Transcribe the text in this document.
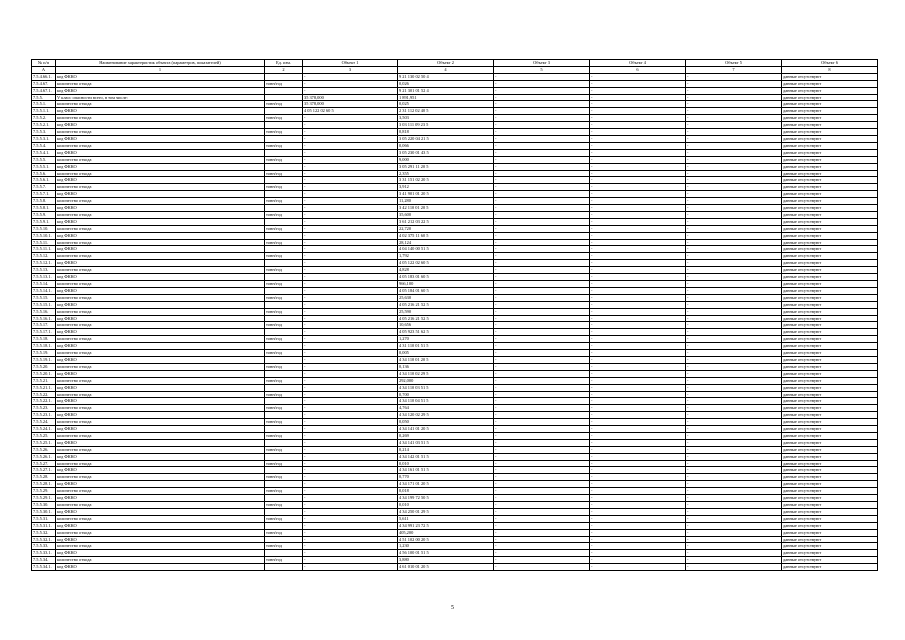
№ п/п	Наименование характеристик объекта (параметров, показателей)	Ед. изм.	Объект 1	Объект 2	Объект 3	Объект 4	Объект 5	Объект 6
A	1	2	3	4	5	6	7	8
7.5.4.66.1.	код ФККО		-	9 21 130 02 50 4	-	-	-	данные отсутствуют
7.5.4.67.	количество отхода	тонн/год	-	0,026	-	-	-	данные отсутствуют
7.5.4.67.1.	код ФККО		-	9 21 301 01 52 4	-	-	-	данные отсутствуют
7.5.5.	V класс опасности всего, в том числе:		35 378,000	1 891,951	-	-	-	данные отсутствуют
7.5.5.1.	количество отхода	тонн/год	35 378,000	0,025	-	-	-	данные отсутствуют
7.5.5.1.1.	код ФККО		4 05 122 02 60 5	2 31 112 02 40 5	-	-	-	данные отсутствуют
7.5.5.2.	количество отхода	тонн/год	-	3,503	-	-	-	данные отсутствуют
7.5.5.2.1.	код ФККО		-	3 03 111 09 23 5	-	-	-	данные отсутствуют
7.5.5.3.	количество отхода	тонн/год	-	0,818	-	-	-	данные отсутствуют
7.5.5.3.1.	код ФККО		-	3 05 220 04 21 5	-	-	-	данные отсутствуют
7.5.5.4.	количество отхода	тонн/год	-	0,066	-	-	-	данные отсутствуют
7.5.5.4.1.	код ФККО		-	3 05 230 01 43 5	-	-	-	данные отсутствуют
7.5.5.5.	количество отхода	тонн/год	-	9,000	-	-	-	данные отсутствуют
7.5.5.5.1.	код ФККО		-	3 05 291 11 20 5	-	-	-	данные отсутствуют
7.5.5.6.	количество отхода	тонн/год	-	2,355	-	-	-	данные отсутствуют
7.5.5.6.1.	код ФККО		-	3 31 151 02 20 5	-	-	-	данные отсутствуют
7.5.5.7.	количество отхода	тонн/год	-	3,912	-	-	-	данные отсутствуют
7.5.5.7.1.	код ФККО		-	3 41 901 01 20 5	-	-	-	данные отсутствуют
7.5.5.8.	количество отхода	тонн/год	-	11,280	-	-	-	данные отсутствуют
7.5.5.8.1.	код ФККО		-	3 42 110 01 20 5	-	-	-	данные отсутствуют
7.5.5.9.	количество отхода	тонн/год	-	35,600	-	-	-	данные отсутствуют
7.5.5.9.1.	код ФККО		-	3 61 212 03 22 5	-	-	-	данные отсутствуют
7.5.5.10.	количество отхода	тонн/год	-	22,720	-	-	-	данные отсутствуют
7.5.5.10.1.	код ФККО		-	4 02 375 11 60 5	-	-	-	данные отсутствуют
7.5.5.11.	количество отхода	тонн/год	-	28,124	-	-	-	данные отсутствуют
7.5.5.11.1.	код ФККО		-	4 04 140 00 51 5	-	-	-	данные отсутствуют
7.5.5.12.	количество отхода	тонн/год	-	1,792	-	-	-	данные отсутствуют
7.5.5.12.1.	код ФККО		-	4 05 122 02 60 5	-	-	-	данные отсутствуют
7.5.5.13.	количество отхода	тонн/год	-	4,828	-	-	-	данные отсутствуют
7.5.5.13.1.	код ФККО		-	4 05 183 01 60 5	-	-	-	данные отсутствуют
7.5.5.14.	количество отхода	тонн/год	-	966,100	-	-	-	данные отсутствуют
7.5.5.14.1.	код ФККО		-	4 05 184 01 60 5	-	-	-	данные отсутствуют
7.5.5.15.	количество отхода	тонн/год	-	25,630	-	-	-	данные отсутствуют
7.5.5.15.1.	код ФККО		-	4 05 216 21 52 5	-	-	-	данные отсутствуют
7.5.5.16.	количество отхода	тонн/год	-	25,590	-	-	-	данные отсутствуют
7.5.5.16.1.	код ФККО		-	4 05 216 21 52 5	-	-	-	данные отсутствуют
7.5.5.17.	количество отхода	тонн/год	-	10,656	-	-	-	данные отсутствуют
7.5.5.17.1.	код ФККО		-	4 05 923 51 62 5	-	-	-	данные отсутствуют
7.5.5.18.	количество отхода	тонн/год	-	1,270	-	-	-	данные отсутствуют
7.5.5.18.1.	код ФККО		-	4 31 110 01 51 5	-	-	-	данные отсутствуют
7.5.5.19.	количество отхода	тонн/год	-	0,005	-	-	-	данные отсутствуют
7.5.5.19.1.	код ФККО		-	4 34 110 01 20 5	-	-	-	данные отсутствуют
7.5.5.20.	количество отхода	тонн/год	-	0,136	-	-	-	данные отсутствуют
7.5.5.20.1.	код ФККО		-	4 34 110 02 29 5	-	-	-	данные отсутствуют
7.5.5.21.	количество отхода	тонн/год	-	292,000	-	-	-	данные отсутствуют
7.5.5.21.1.	код ФККО		-	4 34 110 03 51 5	-	-	-	данные отсутствуют
7.5.5.22.	количество отхода	тонн/год	-	0,700	-	-	-	данные отсутствуют
7.5.5.22.1.	код ФККО		-	4 34 110 04 51 5	-	-	-	данные отсутствуют
7.5.5.23.	количество отхода	тонн/год	-	4,764	-	-	-	данные отсутствуют
7.5.5.23.1.	код ФККО		-	4 34 120 02 29 5	-	-	-	данные отсутствуют
7.5.5.24.	количество отхода	тонн/год	-	0,050	-	-	-	данные отсутствуют
7.5.5.24.1.	код ФККО		-	4 34 141 01 20 5	-	-	-	данные отсутствуют
7.5.5.25.	количество отхода	тонн/год	-	0,269	-	-	-	данные отсутствуют
7.5.5.25.1.	код ФККО		-	4 34 141 03 51 5	-	-	-	данные отсутствуют
7.5.5.26.	количество отхода	тонн/год	-	0,214	-	-	-	данные отсутствуют
7.5.5.26.1.	код ФККО		-	4 34 142 01 51 5	-	-	-	данные отсутствуют
7.5.5.27.	количество отхода	тонн/год	-	0,010	-	-	-	данные отсутствуют
7.5.5.27.1.	код ФККО		-	4 34 161 01 51 5	-	-	-	данные отсутствуют
7.5.5.28.	количество отхода	тонн/год	-	0,770	-	-	-	данные отсутствуют
7.5.5.28.1.	код ФККО		-	4 34 171 01 20 5	-	-	-	данные отсутствуют
7.5.5.29.	количество отхода	тонн/год	-	0,018	-	-	-	данные отсутствуют
7.5.5.29.1.	код ФККО		-	4 34 199 72 50 5	-	-	-	данные отсутствуют
7.5.5.30.	количество отхода	тонн/год	-	0,010	-	-	-	данные отсутствуют
7.5.5.30.1.	код ФККО		-	4 34 250 01 29 5	-	-	-	данные отсутствуют
7.5.5.31.	количество отхода	тонн/год	-	5,611	-	-	-	данные отсутствуют
7.5.5.31.1.	код ФККО		-	4 34 991 23 72 5	-	-	-	данные отсутствуют
7.5.5.32.	количество отхода	тонн/год	-	405,200	-	-	-	данные отсутствуют
7.5.5.32.1.	код ФККО		-	4 51 102 00 20 5	-	-	-	данные отсутствуют
7.5.5.33.	количество отхода	тонн/год	-	1,230	-	-	-	данные отсутствуют
7.5.5.33.1.	код ФККО		-	4 56 100 01 51 5	-	-	-	данные отсутствуют
7.5.5.34.	количество отхода	тонн/год	-	3,880	-	-	-	данные отсутствуют
7.5.5.34.1.	код ФККО		-	4 61 010 01 20 5	-	-	-	данные отсутствуют
5
